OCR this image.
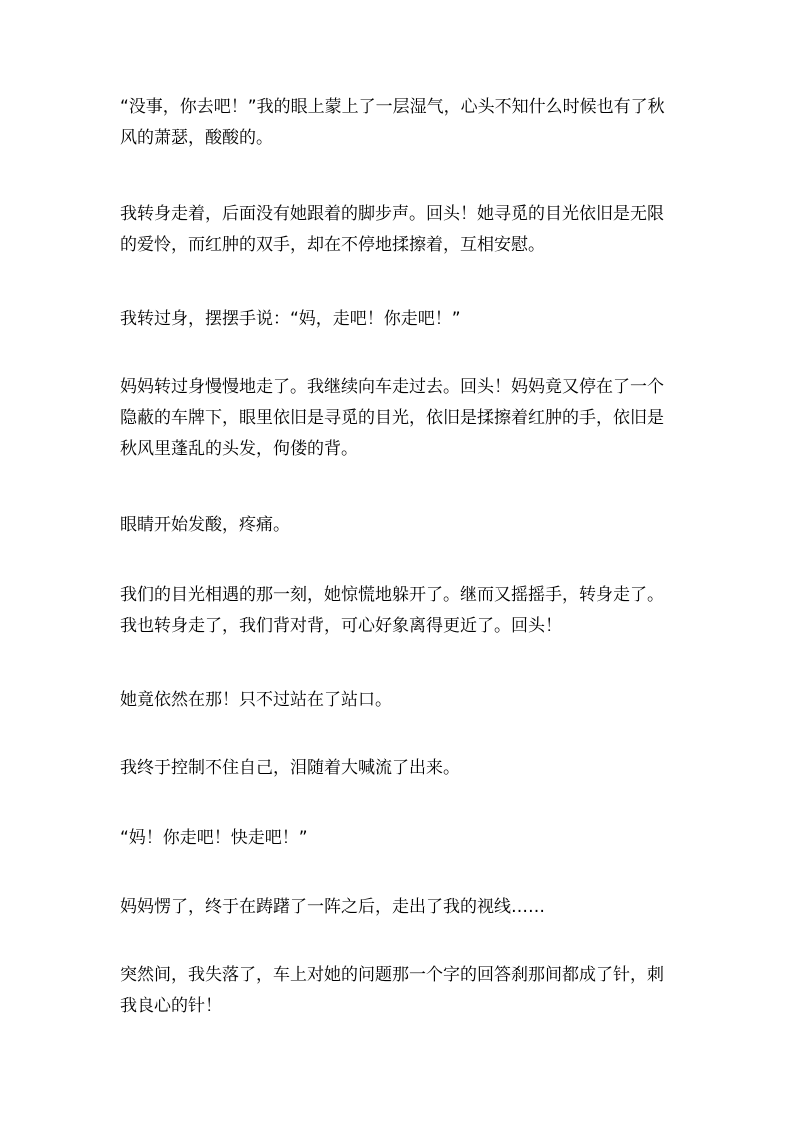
“没事，你去吧！”我的眼上蒙上了一层湿气，心头不知什么时候也有了秋风的萧瑟，酸酸的。

我转身走着，后面没有她跟着的脚步声。回头！她寻觅的目光依旧是无限的爱怜，而红肿的双手，却在不停地揉擦着，互相安慰。

我转过身，摆摆手说：“妈，走吧！你走吧！”

妈妈转过身慢慢地走了。我继续向车走过去。回头！妈妈竟又停在了一个隐蔽的车牌下，眼里依旧是寻觅的目光，依旧是揉擦着红肿的手，依旧是秋风里蓬乱的头发，佝偻的背。

眼睛开始发酸，疼痛。

我们的目光相遇的那一刻，她惊慌地躲开了。继而又摇摇手，转身走了。我也转身走了，我们背对背，可心好象离得更近了。回头！

她竟依然在那！只不过站在了站口。

我终于控制不住自己，泪随着大喊流了出来。

“妈！你走吧！快走吧！”

妈妈愣了，终于在踌躇了一阵之后，走出了我的视线……

突然间，我失落了，车上对她的问题那一个字的回答刹那间都成了针，刺我良心的针！
